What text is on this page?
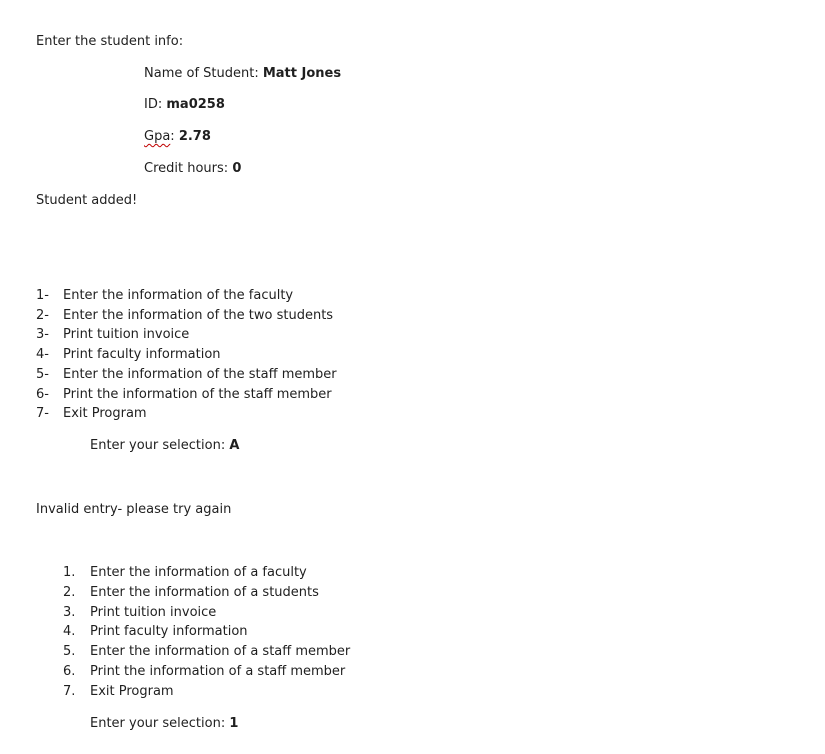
Enter the student info:
Name of Student: Matt Jones
ID: ma0258
Gpa: 2.78
Credit hours: 0
Student added!
1- Enter the information of the faculty
2- Enter the information of the two students
3- Print tuition invoice
4- Print faculty information
5- Enter the information of the staff member
6- Print the information of the staff member
7- Exit Program
Enter your selection: A
Invalid entry- please try again
1. Enter the information of a faculty
2. Enter the information of a students
3. Print tuition invoice
4. Print faculty information
5. Enter the information of a staff member
6. Print the information of a staff member
7. Exit Program
Enter your selection: 1
